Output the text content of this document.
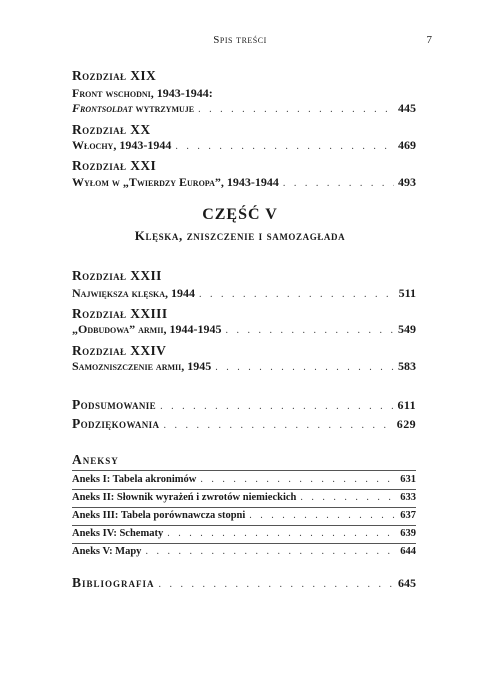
Spis treści	7
Rozdział XIX
Front wschodni, 1943-1944:
Frontsoldat wytrzymuje . . .	445
Rozdział XX
Włochy, 1943-1944 . . .	469
Rozdział XXI
Wyłom w „Twierdzy Europa”, 1943-1944 . . .	493
CZĘŚĆ V
Klęska, zniszczenie i samozagłada
Rozdział XXII
Największa klęska, 1944 . . .	511
Rozdział XXIII
„Odbudowa” armii, 1944-1945 . . .	549
Rozdział XXIV
Samozniszczenie armii, 1945 . . .	583
Podsumowanie . . .	611
Podziękowania . . .	629
Aneksy
Aneks I: Tabela akronimów . . .	631
Aneks II: Słownik wyrażeń i zwrotów niemieckich . . .	633
Aneks III: Tabela porównawcza stopni . . .	637
Aneks IV: Schematy . . .	639
Aneks V: Mapy . . .	644
Bibliografia . . .	645
